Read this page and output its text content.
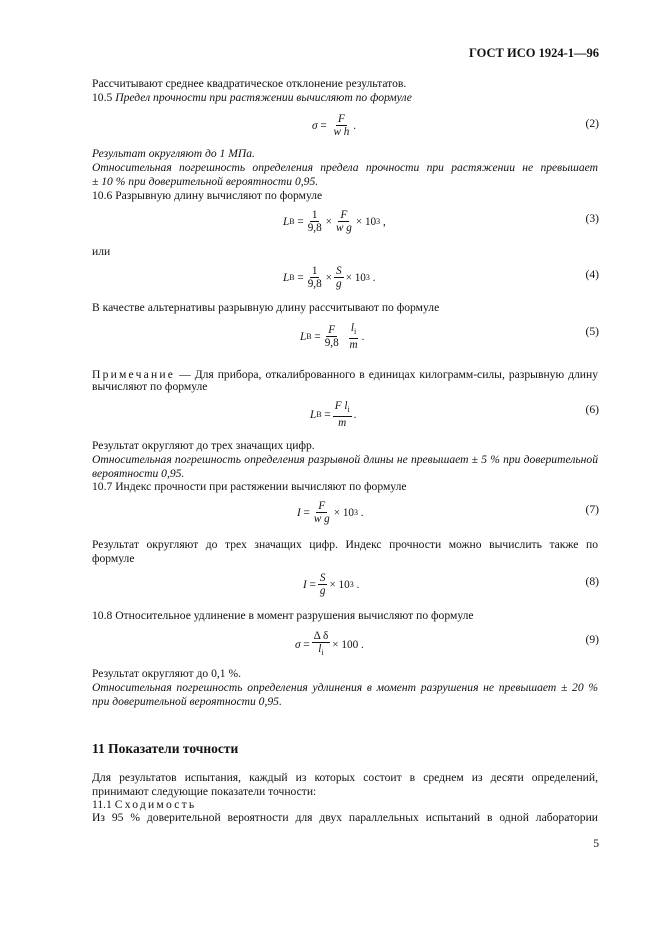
ГОСТ ИСО 1924-1—96
Рассчитывают среднее квадратическое отклонение результатов.
10.5 Предел прочности при растяжении вычисляют по формуле
σ
=
$\frac{F}{\text{w h}}$ .	(2)
Результат округляют до 1 МПа.
Относительная погрешность определения предела прочности при растяжении не превышает
± 10 % при доверительной вероятности 0,95.
10.6 Разрывную длину вычисляют по формуле
L B
= $\frac{1}{9,8} \times \frac{F}{\text{w g}}$ ×
10 3
,	(3)
или
L B
= $\frac{1}{9,8} \times \frac{S}{g}$ ×
10 3
.	(4)
В качестве альтернативы разрывную длину рассчитывают по формуле
L B
= $\frac{F}{9,8}$
$\frac{l_i}{m}$ .	(5)
Примечание — Для прибора, откалиброванного в единицах килограмм-силы, разрывную длину
вычисляют по формуле
L B
= $\frac{F l_i}{m}$ .	(6)
Результат округляют до трех значащих цифр.
Относительная погрешность определения разрывной длины не превышает ± 5 % при доверительной
вероятности 0,95.
10.7 Индекс прочности при растяжении вычисляют по формуле
I
= $\frac{F}{\text{w g}}$ ×
10 3
.	(7)
Результат округляют до трех значащих цифр. Индекс прочности можно вычислить также по
формуле
I
= $\frac{S}{g}$ ×
10 3
.	(8)
10.8 Относительное удлинение в момент разрушения вычисляют по формуле
σ
= $\frac{\text{Δ δ}}{l_i}$ ×
100
.	(9)
Результат округляют до 0,1 %.
Относительная погрешность определения удлинения в момент разрушения не превышает ± 20 %
при доверительной вероятности 0,95.
11 Показатели точности
Для результатов испытания, каждый из которых состоит в среднем из десяти определений,
принимают следующие показатели точности:
11.1 Сходимость
Из 95 % доверительной вероятности для двух параллельных испытаний в одной лаборатории
5
